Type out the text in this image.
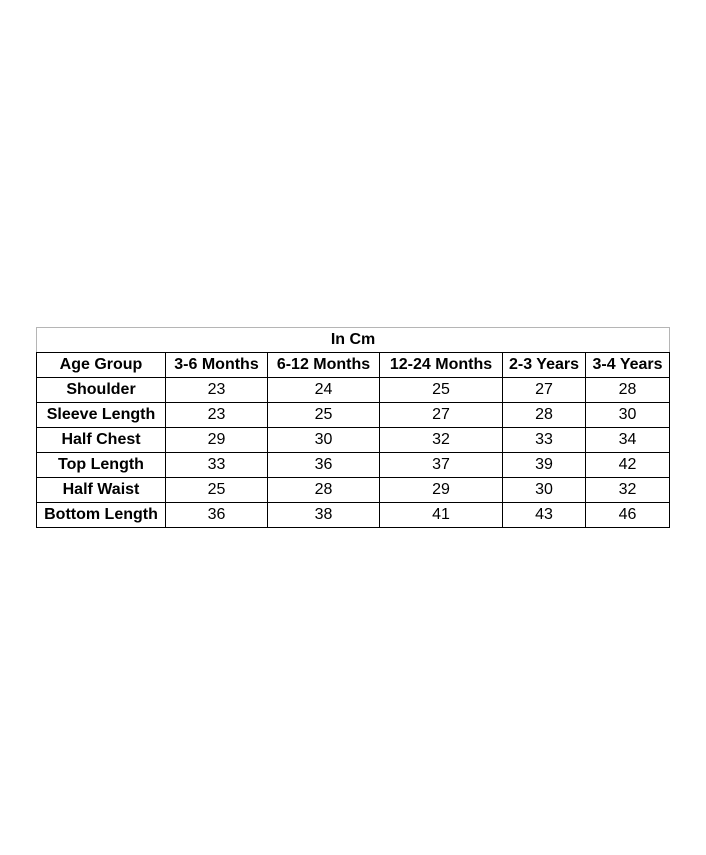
In Cm					
Age Group	3-6 Months	6-12 Months	12-24 Months	2-3 Years	3-4 Years
Shoulder	23	24	25	27	28
Sleeve Length	23	25	27	28	30
Half Chest	29	30	32	33	34
Top Length	33	36	37	39	42
Half Waist	25	28	29	30	32
Bottom Length	36	38	41	43	46
